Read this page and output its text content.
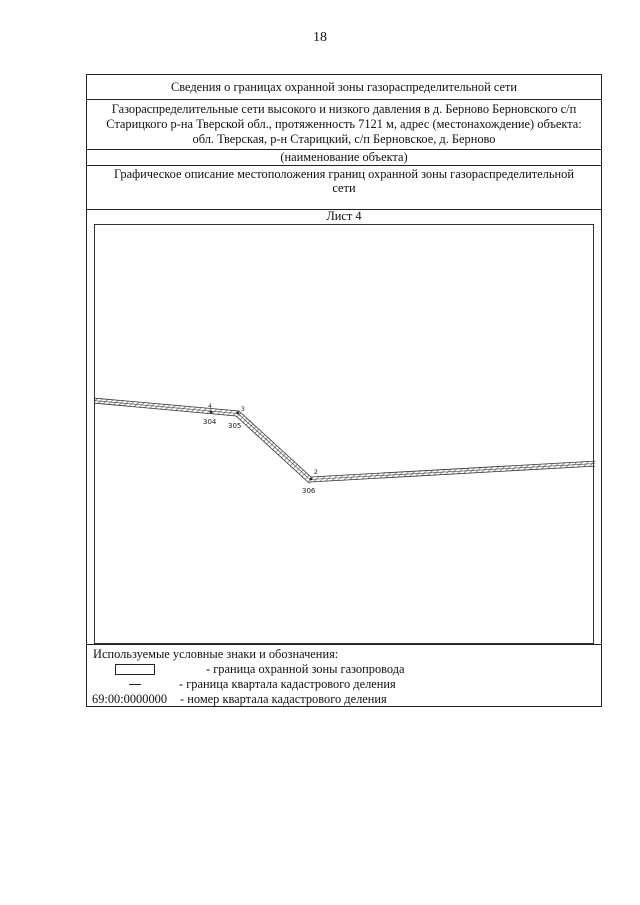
18
Сведения о границах охранной зоны газораспределительной сети
Газораспределительные сети высокого и низкого давления в д. Берново Берновского с/п
Старицкого р-на Тверской обл., протяженность 7121 м, адрес (местонахождение) объекта:
обл. Тверская, р-н Старицкий, с/п Берновское, д. Берново
(наименование объекта)
Графическое описание местоположения границ охранной зоны газораспределительной
сети
Лист 4
4
304
3
305
2
306
Используемые условные знаки и обозначения:
- граница охранной зоны газопровода
- граница квартала кадастрового деления
69:00:0000000 - номер квартала кадастрового деления
